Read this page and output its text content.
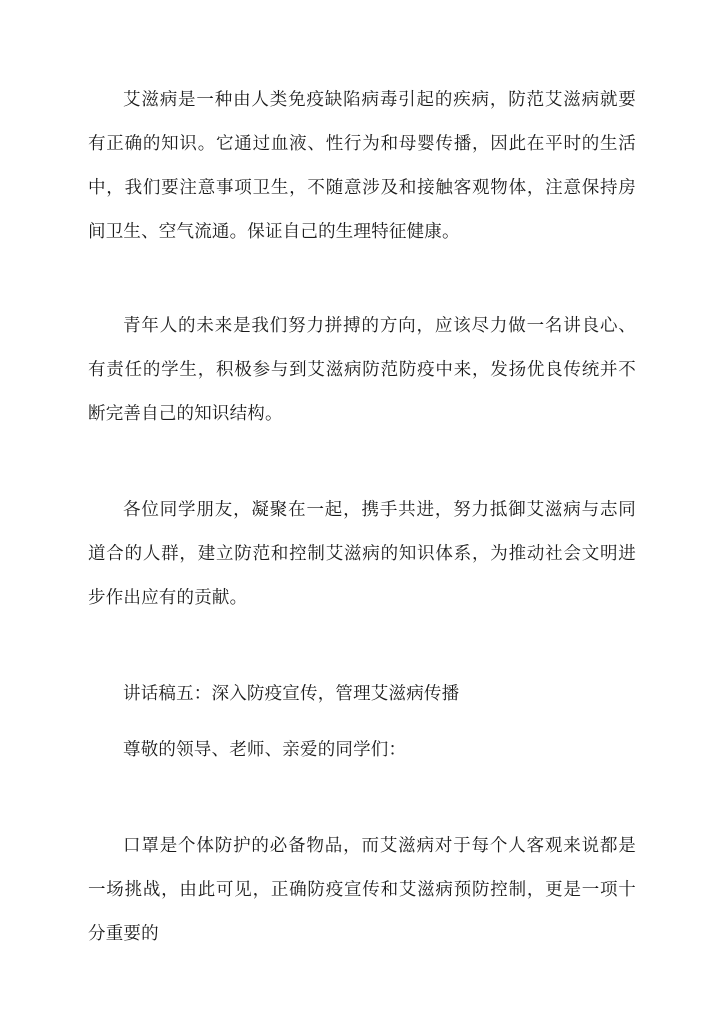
艾滋病是一种由人类免疫缺陷病毒引起的疾病，防范艾滋病就要有正确的知识。它通过血液、性行为和母婴传播，因此在平时的生活中，我们要注意事项卫生，不随意涉及和接触客观物体，注意保持房间卫生、空气流通。保证自己的生理特征健康。

青年人的未来是我们努力拼搏的方向，应该尽力做一名讲良心、有责任的学生，积极参与到艾滋病防范防疫中来，发扬优良传统并不断完善自己的知识结构。

各位同学朋友，凝聚在一起，携手共进，努力抵御艾滋病与志同道合的人群，建立防范和控制艾滋病的知识体系，为推动社会文明进步作出应有的贡献。

讲话稿五：深入防疫宣传，管理艾滋病传播

尊敬的领导、老师、亲爱的同学们：

口罩是个体防护的必备物品，而艾滋病对于每个人客观来说都是一场挑战，由此可见，正确防疫宣传和艾滋病预防控制，更是一项十分重要的
